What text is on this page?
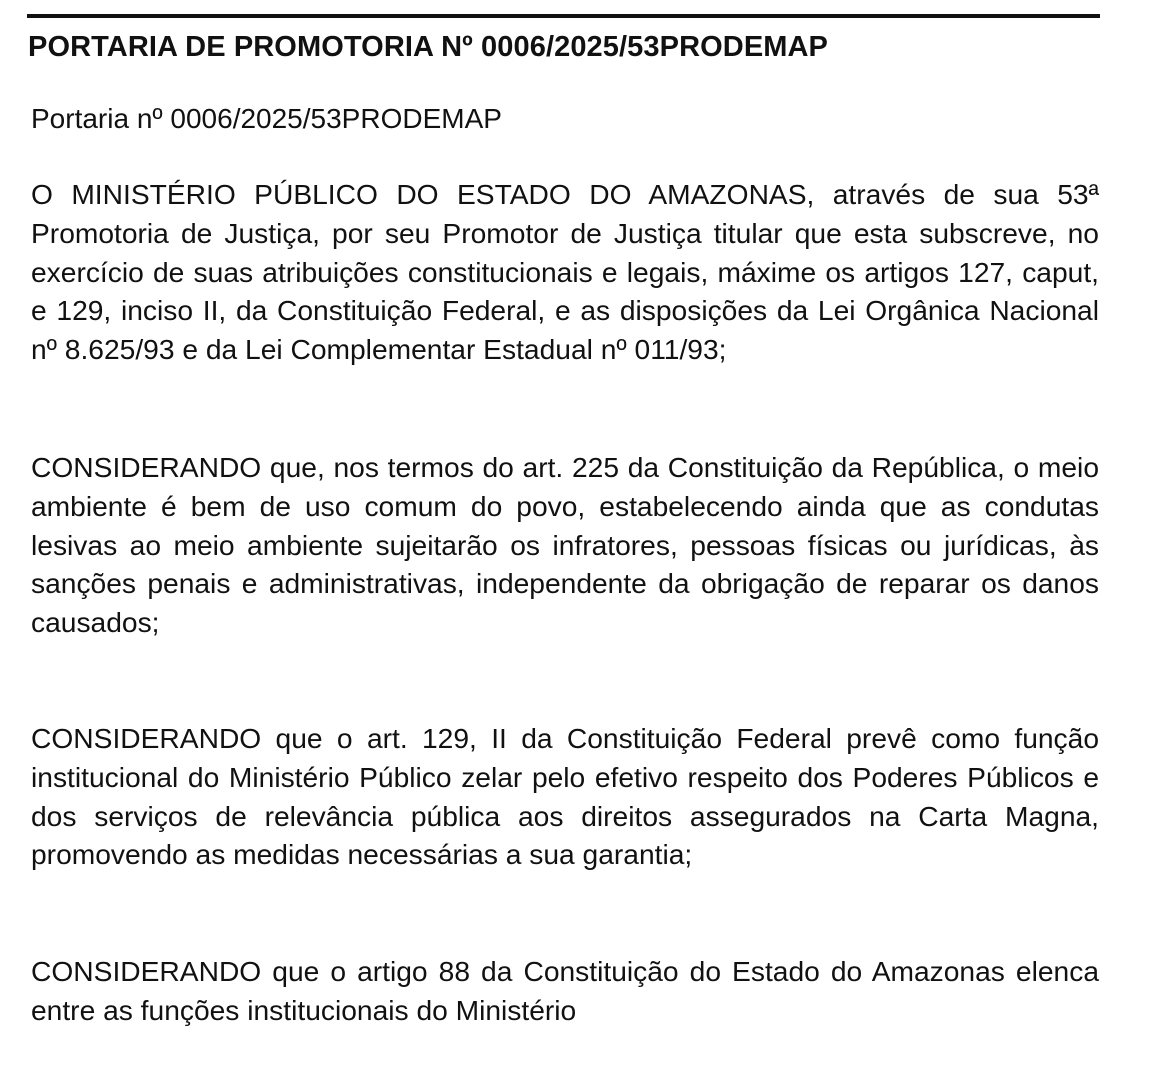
PORTARIA DE PROMOTORIA Nº 0006/2025/53PRODEMAP

Portaria nº 0006/2025/53PRODEMAP

O MINISTÉRIO PÚBLICO DO ESTADO DO AMAZONAS, através de sua 53ª Promotoria de Justiça, por seu Promotor de Justiça titular que esta subscreve, no exercício de suas atribuições constitucionais e legais, máxime os artigos 127, caput, e 129, inciso II, da Constituição Federal, e as disposições da Lei Orgânica Nacional nº 8.625/93 e da Lei Complementar Estadual nº 011/93;

CONSIDERANDO que, nos termos do art. 225 da Constituição da República, o meio ambiente é bem de uso comum do povo, estabelecendo ainda que as condutas lesivas ao meio ambiente sujeitarão os infratores, pessoas físicas ou jurídicas, às sanções penais e administrativas, independente da obrigação de reparar os danos causados;

CONSIDERANDO que o art. 129, II da Constituição Federal prevê como função institucional do Ministério Público zelar pelo efetivo respeito dos Poderes Públicos e dos serviços de relevância pública aos direitos assegurados na Carta Magna, promovendo as medidas necessárias a sua garantia;

CONSIDERANDO que o artigo 88 da Constituição do Estado do Amazonas elenca entre as funções institucionais do Ministério
